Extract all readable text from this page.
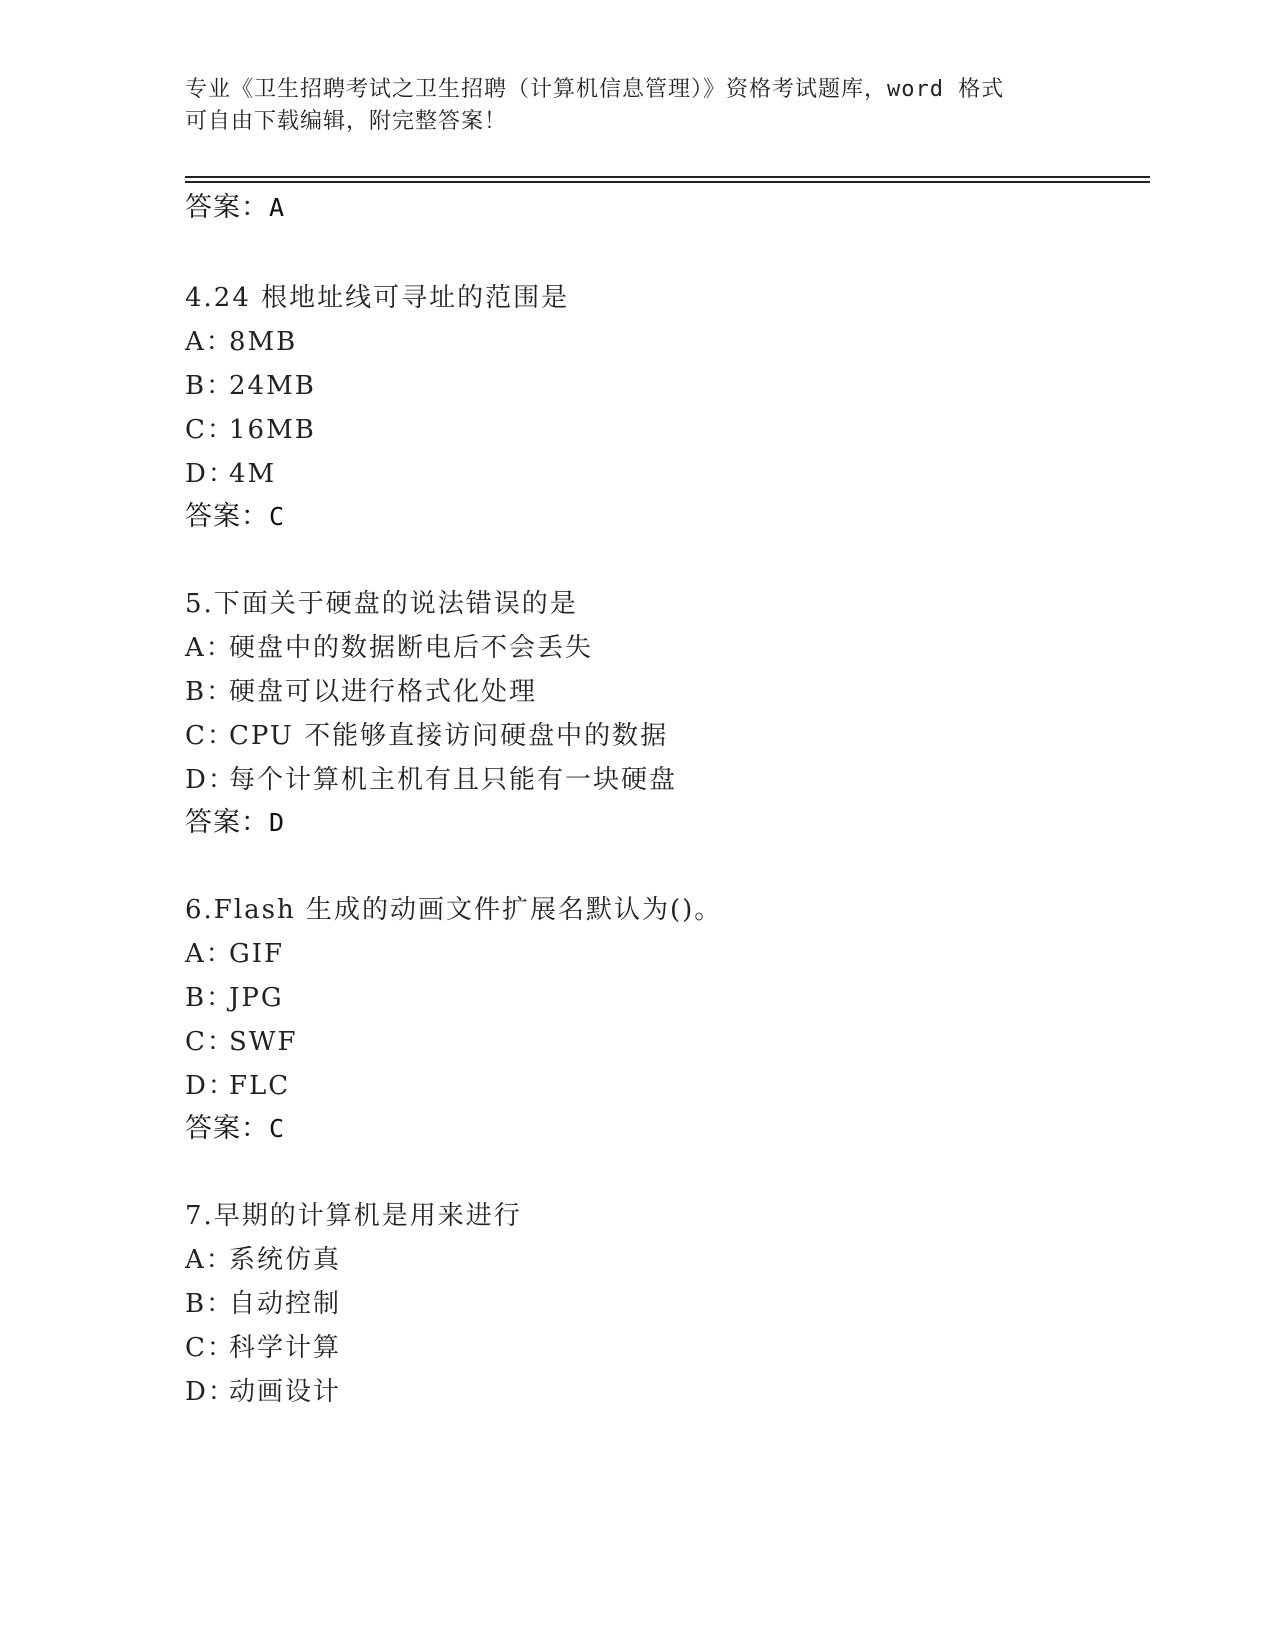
专业《卫生招聘考试之卫生招聘（计算机信息管理）》资格考试题库，word 格式
可自由下载编辑，附完整答案！
答案：A
4.24 根地址线可寻址的范围是
A：8MB
B：24MB
C：16MB
D：4M
答案：C
5.下面关于硬盘的说法错误的是
A：硬盘中的数据断电后不会丢失
B：硬盘可以进行格式化处理
C：CPU 不能够直接访问硬盘中的数据
D：每个计算机主机有且只能有一块硬盘
答案：D
6.Flash 生成的动画文件扩展名默认为()。
A：GIF
B：JPG
C：SWF
D：FLC
答案：C
7.早期的计算机是用来进行
A：系统仿真
B：自动控制
C：科学计算
D：动画设计
